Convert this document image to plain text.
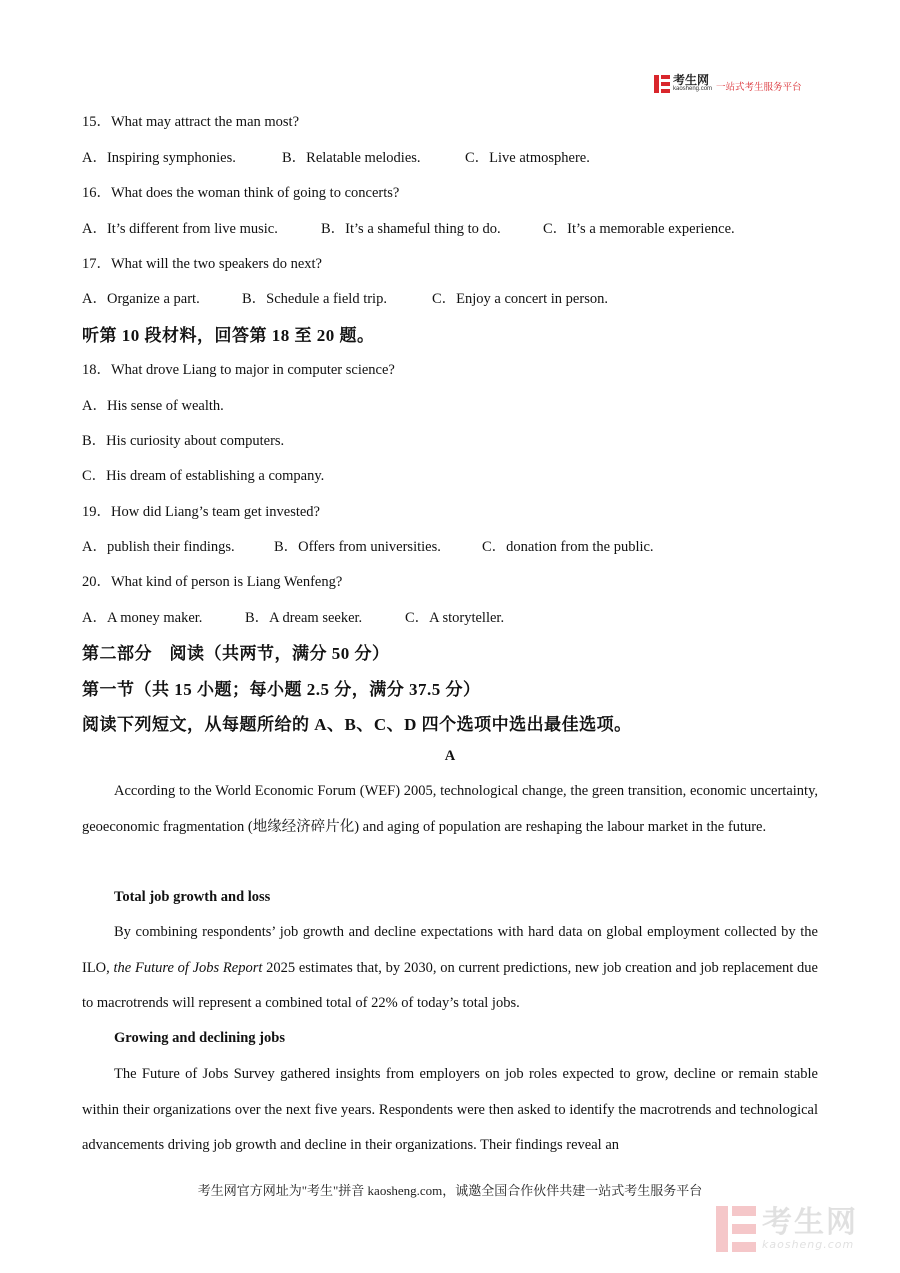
考生网
kaosheng.com 一站式考生服务平台
15．What may attract the man most?
A．Inspiring symphonies.	B．Relatable melodies.	C．Live atmosphere.
16．What does the woman think of going to concerts?
A．It’s different from live music.	B．It’s a shameful thing to do.	C．It’s a memorable experience.
17．What will the two speakers do next?
A．Organize a part.	B．Schedule a field trip.	C．Enjoy a concert in person.
听第 10 段材料，回答第 18 至 20 题。
18．What drove Liang to major in computer science?
A．His sense of wealth.
B．His curiosity about computers.
C．His dream of establishing a company.
19．How did Liang’s team get invested?
A．publish their findings.	B．Offers from universities.	C．donation from the public.
20．What kind of person is Liang Wenfeng?
A．A money maker.	B．A dream seeker.	C．A storyteller.
第二部分　阅读（共两节，满分 50 分）
第一节（共 15 小题；每小题 2.5 分，满分 37.5 分）
阅读下列短文，从每题所给的 A、B、C、D 四个选项中选出最佳选项。
A
According to the World Economic Forum (WEF) 2005, technological change, the green transition, economic uncertainty, geoeconomic fragmentation (地缘经济碎片化) and aging of population are reshaping the labour market in the future.
Total job growth and loss
By combining respondents’ job growth and decline expectations with hard data on global employment collected by the ILO, the Future of Jobs Report 2025 estimates that, by 2030, on current predictions, new job creation and job replacement due to macrotrends will represent a combined total of 22% of today’s total jobs.
Growing and declining jobs
The Future of Jobs Survey gathered insights from employers on job roles expected to grow, decline or remain stable within their organizations over the next five years. Respondents were then asked to identify the macrotrends and technological advancements driving job growth and decline in their organizations. Their findings reveal an
考生网官方网址为"考生"拼音 kaosheng.com，诚邀全国合作伙伴共建一站式考生服务平台
考生网
kaosheng.com
